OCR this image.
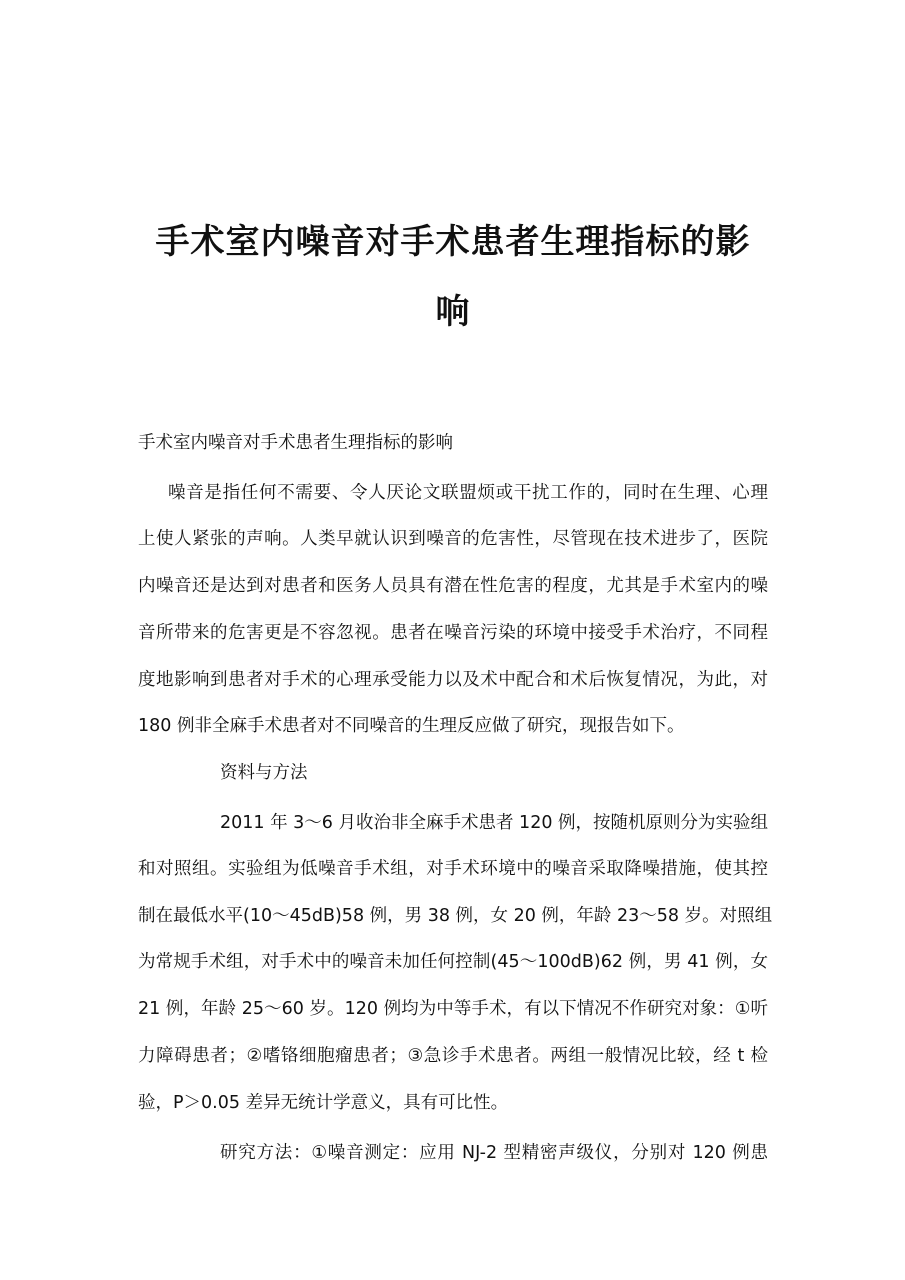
手术室内噪音对手术患者生理指标的影
响
手术室内噪音对手术患者生理指标的影响
噪音是指任何不需要、令人厌论文联盟烦或干扰工作的，同时在生理、心理
上使人紧张的声响。人类早就认识到噪音的危害性，尽管现在技术进步了，医院
内噪音还是达到对患者和医务人员具有潜在性危害的程度，尤其是手术室内的噪
音所带来的危害更是不容忽视。患者在噪音污染的环境中接受手术治疗，不同程
度地影响到患者对手术的心理承受能力以及术中配合和术后恢复情况，为此，对
180 例非全麻手术患者对不同噪音的生理反应做了研究，现报告如下。
资料与方法
2011 年 3～6 月收治非全麻手术患者 120 例，按随机原则分为实验组
和对照组。实验组为低噪音手术组，对手术环境中的噪音采取降噪措施，使其控
制在最低水平(10～45dB)58 例，男 38 例，女 20 例，年龄 23～58 岁。对照组
为常规手术组，对手术中的噪音未加任何控制(45～100dB)62 例，男 41 例，女
21 例，年龄 25～60 岁。120 例均为中等手术，有以下情况不作研究对象：①听
力障碍患者；②嗜铬细胞瘤患者；③急诊手术患者。两组一般情况比较，经 t 检
验，P＞0.05 差异无统计学意义，具有可比性。
研究方法：①噪音测定：应用 NJ-2 型精密声级仪，分别对 120 例患
